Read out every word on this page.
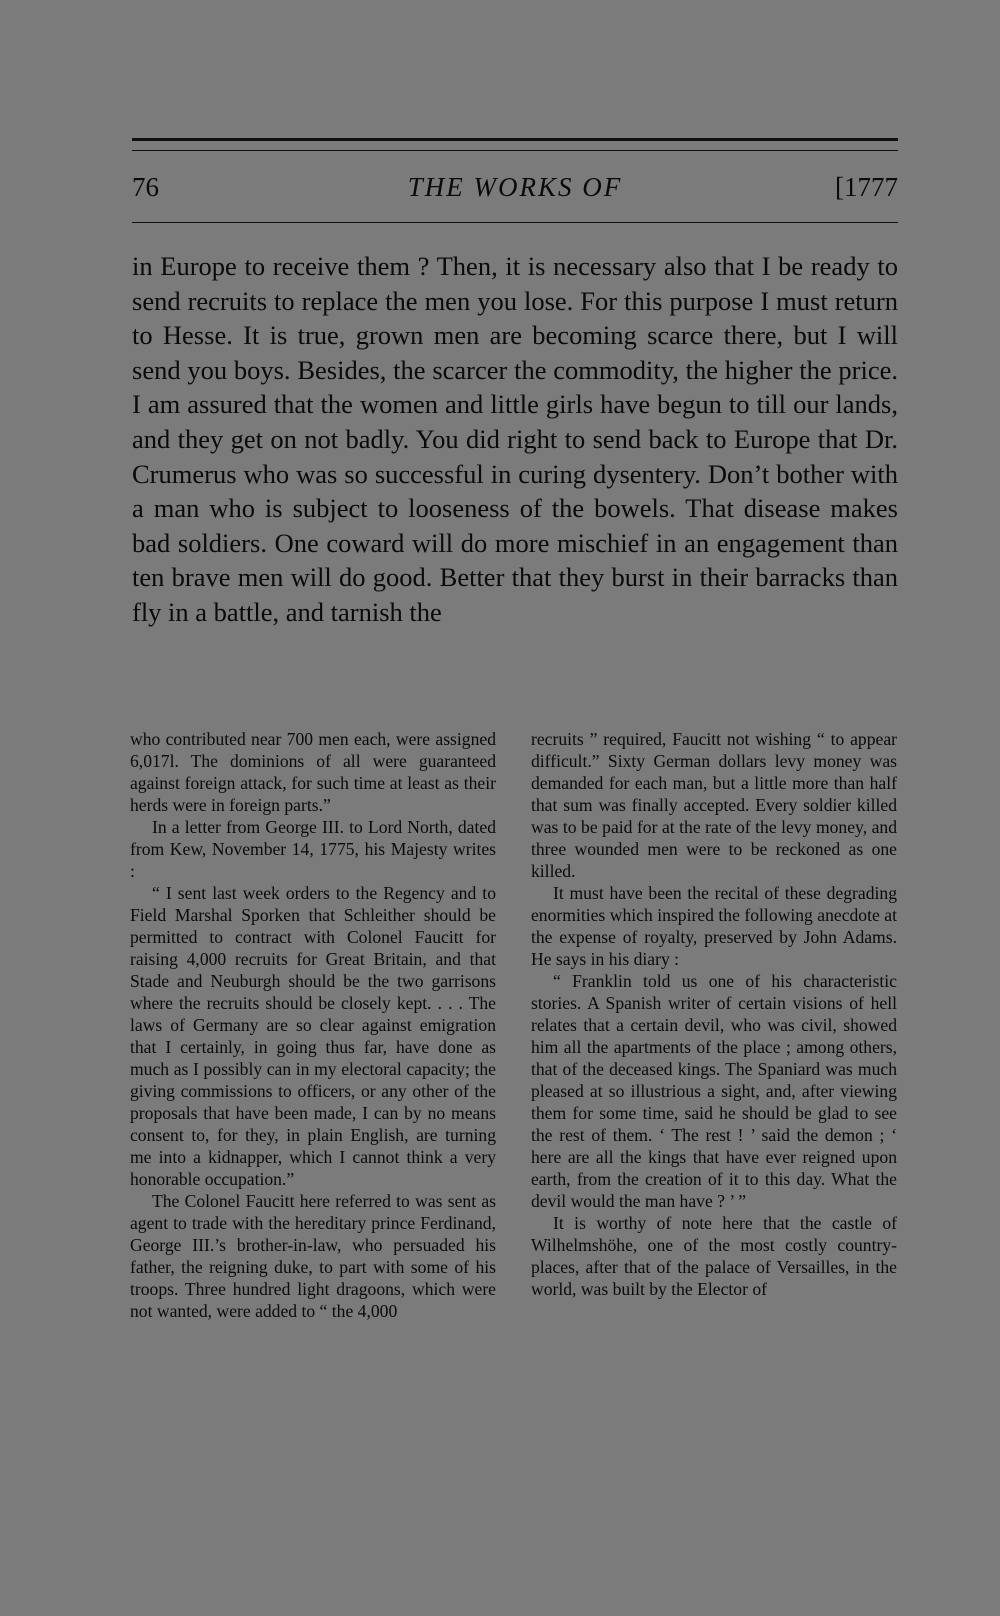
76	THE WORKS OF	[1777

in Europe to receive them ? Then, it is necessary also that I be ready to send recruits to replace the men you lose. For this purpose I must return to Hesse. It is true, grown men are becoming scarce there, but I will send you boys. Besides, the scarcer the commodity, the higher the price. I am assured that the women and little girls have begun to till our lands, and they get on not badly. You did right to send back to Europe that Dr. Crumerus who was so successful in curing dysentery. Don’t bother with a man who is subject to looseness of the bowels. That disease makes bad soldiers. One coward will do more mischief in an engagement than ten brave men will do good. Better that they burst in their barracks than fly in a battle, and tarnish the

who contributed near 700 men each, were assigned 6,017l. The dominions of all were guaranteed against foreign attack, for such time at least as their herds were in foreign parts.”

In a letter from George III. to Lord North, dated from Kew, November 14, 1775, his Majesty writes :

“ I sent last week orders to the Regency and to Field Marshal Sporken that Schleither should be permitted to contract with Colonel Faucitt for raising 4,000 recruits for Great Britain, and that Stade and Neuburgh should be the two garrisons where the recruits should be closely kept. . . . The laws of Germany are so clear against emigration that I certainly, in going thus far, have done as much as I possibly can in my electoral capacity; the giving commissions to officers, or any other of the proposals that have been made, I can by no means consent to, for they, in plain English, are turning me into a kidnapper, which I cannot think a very honorable occupation.”

The Colonel Faucitt here referred to was sent as agent to trade with the hereditary prince Ferdinand, George III.’s brother-in-law, who persuaded his father, the reigning duke, to part with some of his troops. Three hundred light dragoons, which were not wanted, were added to “ the 4,000

recruits ” required, Faucitt not wishing “ to appear difficult.” Sixty German dollars levy money was demanded for each man, but a little more than half that sum was finally accepted. Every soldier killed was to be paid for at the rate of the levy money, and three wounded men were to be reckoned as one killed.

It must have been the recital of these degrading enormities which inspired the following anecdote at the expense of royalty, preserved by John Adams. He says in his diary :

“ Franklin told us one of his characteristic stories. A Spanish writer of certain visions of hell relates that a certain devil, who was civil, showed him all the apartments of the place ; among others, that of the deceased kings. The Spaniard was much pleased at so illustrious a sight, and, after viewing them for some time, said he should be glad to see the rest of them. ‘ The rest ! ’ said the demon ; ‘ here are all the kings that have ever reigned upon earth, from the creation of it to this day. What the devil would the man have ? ’ ”

It is worthy of note here that the castle of Wilhelmshöhe, one of the most costly country-places, after that of the palace of Versailles, in the world, was built by the Elector of
